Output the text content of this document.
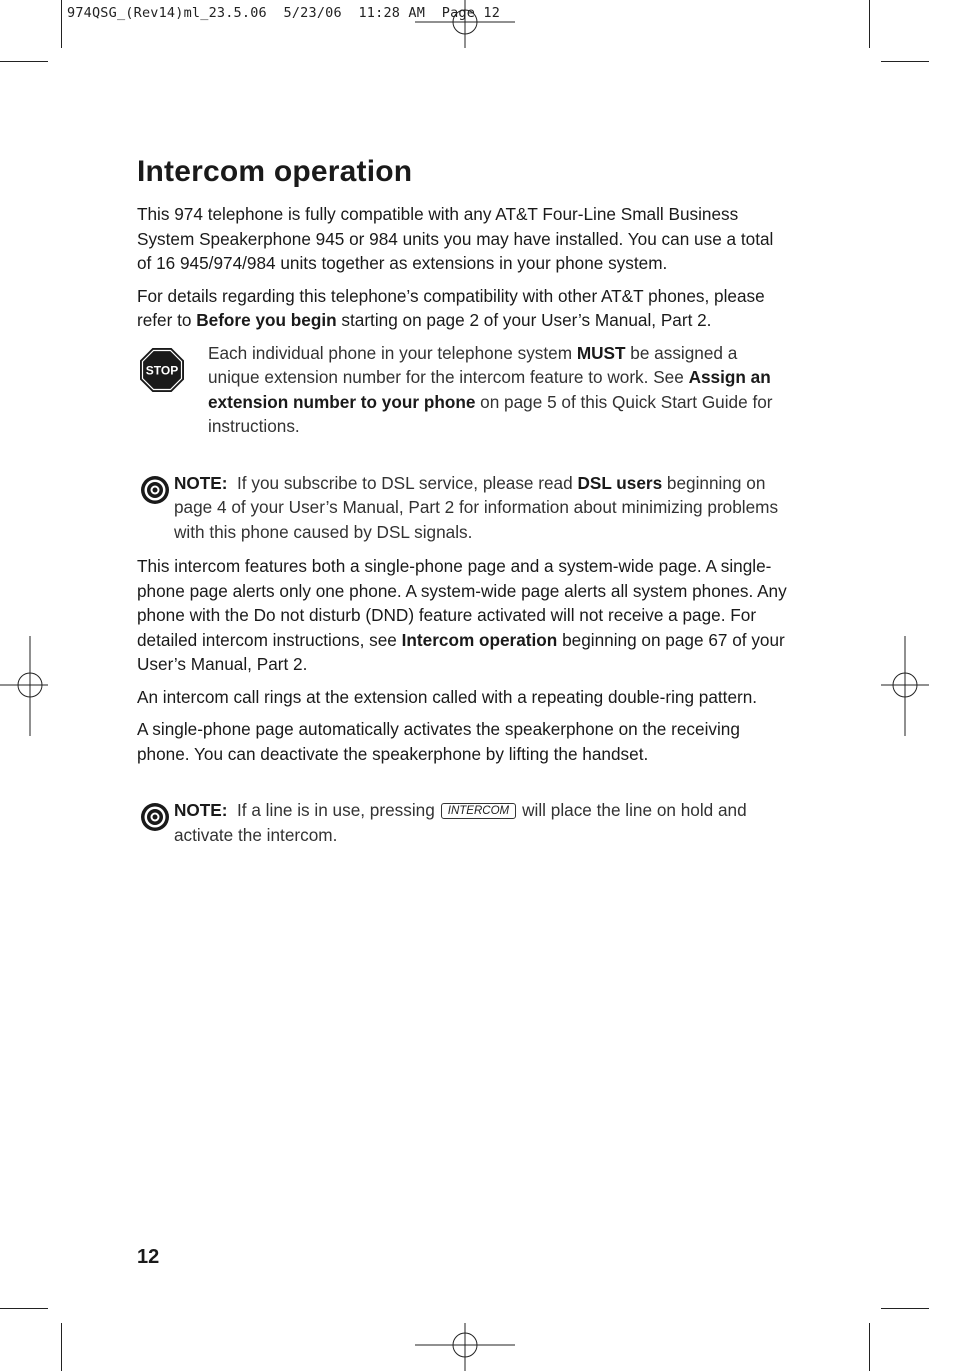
974QSG_(Rev14)ml_23.5.06  5/23/06  11:28 AM  Page 12
Intercom operation

This 974 telephone is fully compatible with any AT&T Four-Line Small Business System Speakerphone 945 or 984 units you may have installed. You can use a total of 16 945/974/984 units together as extensions in your phone system.

For details regarding this telephone’s compatibility with other AT&T phones, please refer to Before you begin starting on page 2 of your User’s Manual, Part 2.

STOP
Each individual phone in your telephone system MUST be assigned a unique extension number for the intercom feature to work. See Assign an extension number to your phone on page 5 of this Quick Start Guide for instructions.
NOTE:  If you subscribe to DSL service, please read DSL users beginning on page 4 of your User’s Manual, Part 2 for information about minimizing problems with this phone caused by DSL signals.

This intercom features both a single-phone page and a system-wide page. A single-phone page alerts only one phone. A system-wide page alerts all system phones. Any phone with the Do not disturb (DND) feature activated will not receive a page. For detailed intercom instructions, see Intercom operation beginning on page 67 of your User’s Manual, Part 2.

An intercom call rings at the extension called with a repeating double-ring pattern.

A single-phone page automatically activates the speakerphone on the receiving phone. You can deactivate the speakerphone by lifting the handset.

NOTE:  If a line is in use, pressing INTERCOM will place the line on hold and activate the intercom.
12
